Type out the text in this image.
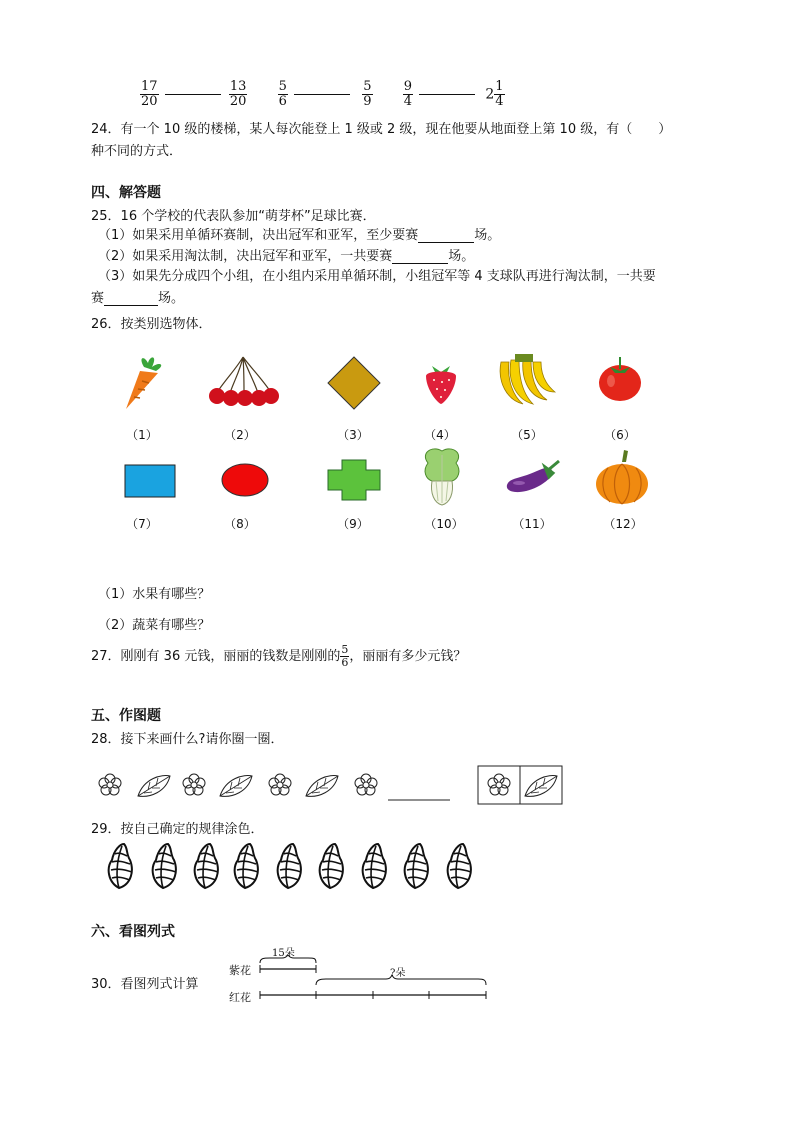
$\frac{17}{20}$
	$\frac{13}{20}$
$\frac{5}{6}$
	$\frac{5}{9}$
$\frac{9}{4}$	$2 \frac{1}{4}$
24．有一个 10 级的楼梯，某人每次能登上 1 级或 2 级，现在他要从地面登上第 10 级，有（　　）
种不同的方式．
四、解答题
25．16 个学校的代表队参加“萌芽杯”足球比赛．
（1）如果采用单循环赛制，决出冠军和亚军，至少要赛	场。
（2）如果采用淘汰制，决出冠军和亚军，一共要赛	场。
（3）如果先分成四个小组，在小组内采用单循环制，小组冠军等 4 支球队再进行淘汰制，一共要
赛	场。
26．按类别选物体．
（1）	（2）	（3）	（4）	（5）	（6）
（7）	（8）	（9）	（10）	（11）	（12）
（1）水果有哪些？
（2）蔬菜有哪些？
27．刚刚有 36 元钱，丽丽的钱数是刚刚的 $\frac{5}{6}$ ，丽丽有多少元钱？
五、作图题
28．接下来画什么?请你圈一圈．
29．按自己确定的规律涂色．
六、看图列式
30．看图列式计算
紫花
红花
15朵
?朵
